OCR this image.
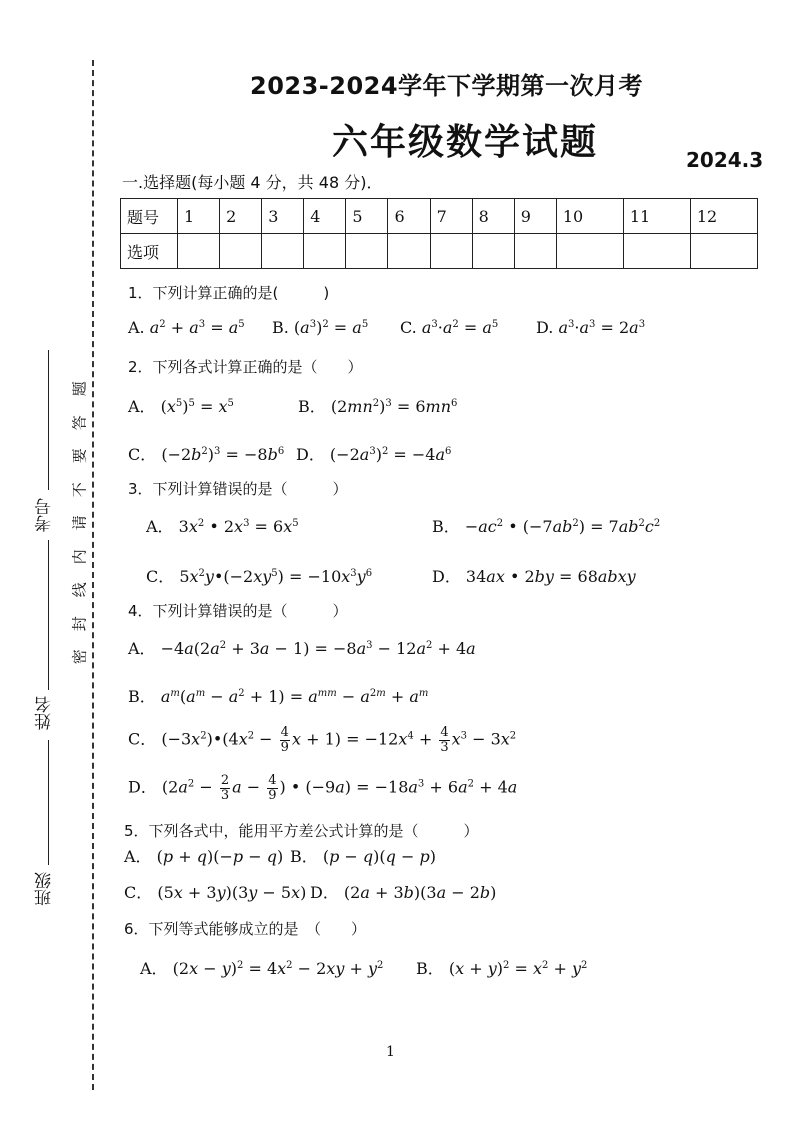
考号
姓名
班级
题
答
要
不
请
内
线
封
密
2023-2024学年下学期第一次月考
六年级数学试题	2024.3
一.选择题(每小题 4 分，共 48 分)．
题号	1	2	3	4	5	6	7	8	9	10	11	12
选项												
1．下列计算正确的是(　　　)
A. $a^2 + a^3 = a^5$ B. $(a^3)^2 = a^5$ C. $a^3\cdot a^2 = a^5$ D. $a^3\cdot a^3 = 2a^3$
2．下列各式计算正确的是（　　）
A． $(x^5)^5 = x^5$	B． $(2mn^2)^3 = 6mn^6$
C． $(-2b^2)^3 = -8b^6$ D． $(-2a^3)^2 = -4a^6$
3．下列计算错误的是（　　　）
A． $3x^2$ • $2x^3 = 6x^5$	B． $-ac^2$ • $(-7ab^2) = 7ab^2c^2$
C． $5x^2y•(-2xy^5) = -10x^3y^6$	D． 34ax • 2by = 68abxy
4．下列计算错误的是（　　　）
A． $-4a(2a^2 + 3a - 1) = -8a^3 - 12a^2 + 4a$
B． $a^m(a^m - a^2 + 1) = a^{mm} - a^{2m} + a^m$
C． $(-3x^2)•(4x^2 - \frac{4}{9}$ $x + 1) = -12x^4 + \frac{4}{3} x^3 - 3x^2$
D． ($2a^2 - \frac{2}{3}$ $a - \frac{4}{9}$ ) • $(-9a) = -18a^3 + 6a^2 + 4a$
5．下列各式中，能用平方差公式计算的是（　　　）
A． (p + q)(−p − q) B． (p − q)(q − p)
C． (5x + 3y)(3y − 5x) D． (2a + 3b)(3a − 2b)
6．下列等式能够成立的是　（　　）
A． $(2x - y)^2 = 4x^2 - 2xy + y^2$ B． $(x + y)^2 = x^2 + y^2$
1
